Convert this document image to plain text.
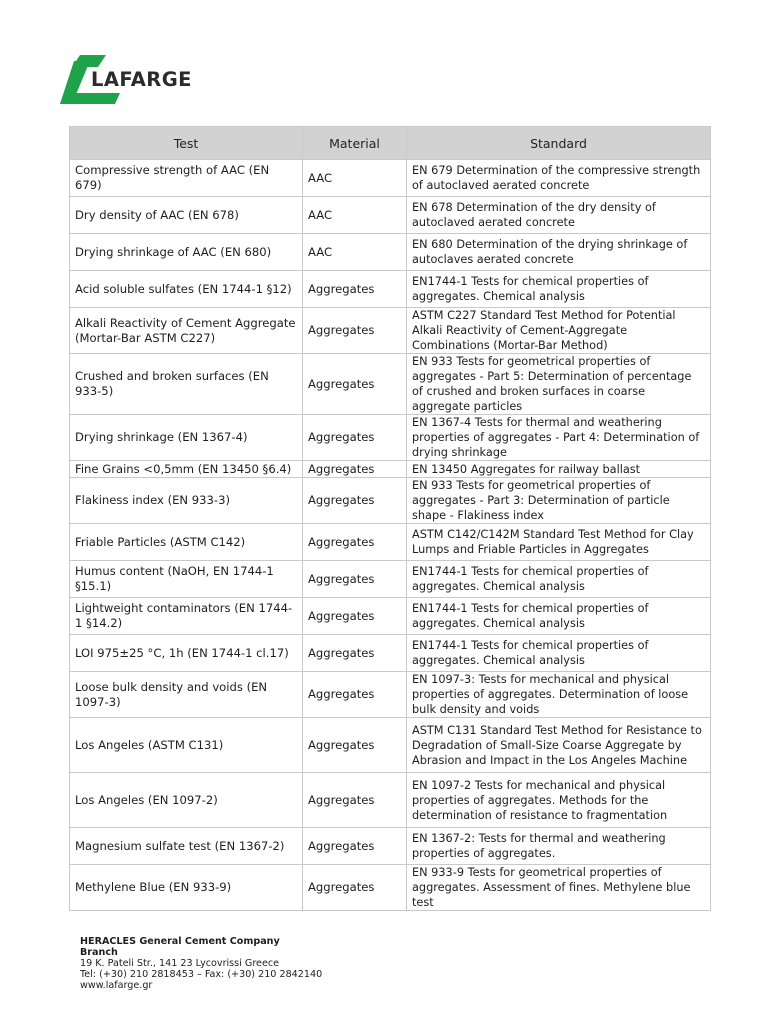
LAFARGE
Test	Material	Standard
Compressive strength of AAC (EN 679)	AAC	EN 679 Determination of the compressive strength of autoclaved aerated concrete
Dry density of AAC (EN 678)	AAC	EN 678 Determination of the dry density of autoclaved aerated concrete
Drying shrinkage of AAC (EN 680)	AAC	EN 680 Determination of the drying shrinkage of autoclaves aerated concrete
Acid soluble sulfates (EN 1744-1 §12)	Aggregates	EN1744-1 Tests for chemical properties of aggregates. Chemical analysis
Alkali Reactivity of Cement Aggregate (Mortar-Bar ASTM C227)	Aggregates	ASTM C227 Standard Test Method for Potential Alkali Reactivity of Cement-Aggregate Combinations (Mortar-Bar Method)
Crushed and broken surfaces (EN 933-5)	Aggregates	EN 933 Tests for geometrical properties of aggregates - Part 5: Determination of percentage of crushed and broken surfaces in coarse aggregate particles
Drying shrinkage (EN 1367-4)	Aggregates	EN 1367-4 Tests for thermal and weathering properties of aggregates - Part 4: Determination of drying shrinkage
Fine Grains <0,5mm (EN 13450 §6.4)	Aggregates	EN 13450 Aggregates for railway ballast
Flakiness index (EN 933-3)	Aggregates	EN 933 Tests for geometrical properties of aggregates - Part 3: Determination of particle shape - Flakiness index
Friable Particles (ASTM C142)	Aggregates	ASTM C142/C142M Standard Test Method for Clay Lumps and Friable Particles in Aggregates
Humus content (NaOH, EN 1744-1 §15.1)	Aggregates	EN1744-1 Tests for chemical properties of aggregates. Chemical analysis
Lightweight contaminators (EN 1744-1 §14.2)	Aggregates	EN1744-1 Tests for chemical properties of aggregates. Chemical analysis
LOI 975±25 °C, 1h (EN 1744-1 cl.17)	Aggregates	EN1744-1 Tests for chemical properties of aggregates. Chemical analysis
Loose bulk density and voids (EN 1097-3)	Aggregates	EN 1097-3: Tests for mechanical and physical properties of aggregates. Determination of loose bulk density and voids
Los Angeles (ASTM C131)	Aggregates	ASTM C131 Standard Test Method for Resistance to Degradation of Small-Size Coarse Aggregate by Abrasion and Impact in the Los Angeles Machine
Los Angeles (EN 1097-2)	Aggregates	EN 1097-2 Tests for mechanical and physical properties of aggregates. Methods for the determination of resistance to fragmentation
Magnesium sulfate test (EN 1367-2)	Aggregates	EN 1367-2: Tests for thermal and weathering properties of aggregates.
Methylene Blue (EN 933-9)	Aggregates	EN 933-9 Tests for geometrical properties of aggregates. Assessment of fines. Methylene blue test
HERACLES General Cement Company
Branch
19 K. Pateli Str., 141 23 Lycovrissi Greece
Tel: (+30) 210 2818453 – Fax: (+30) 210 2842140
www.lafarge.gr
